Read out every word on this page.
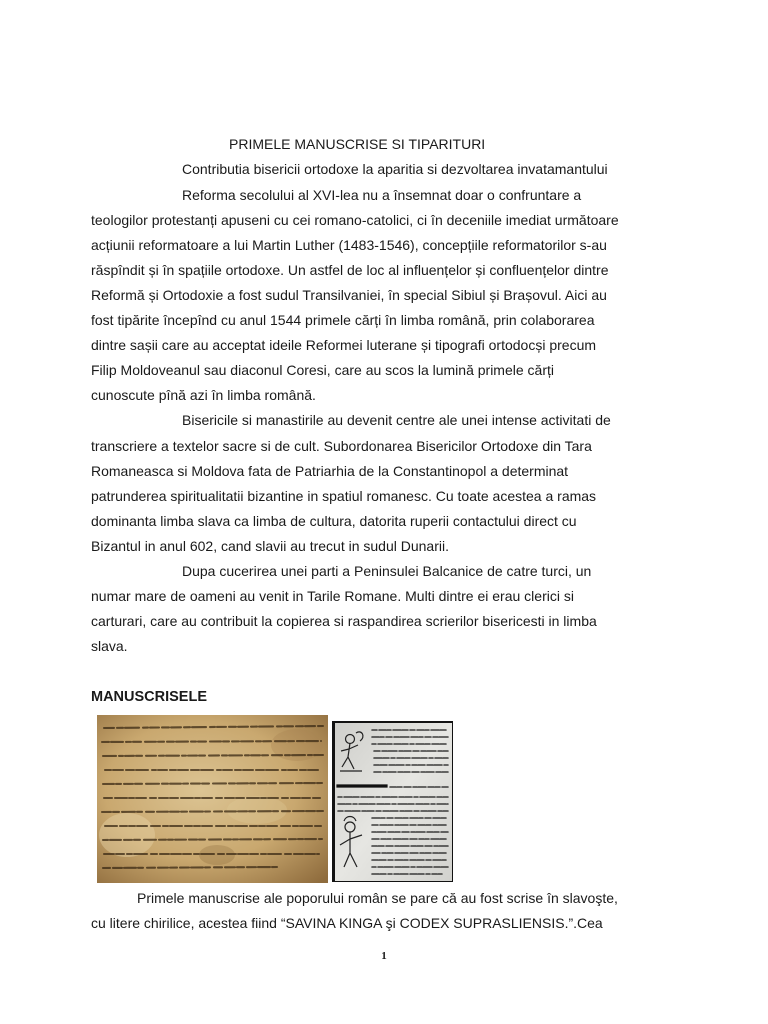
PRIMELE MANUSCRISE SI TIPARITURI
Contributia bisericii ortodoxe la aparitia si dezvoltarea invatamantului
Reforma secolului al XVI-lea nu a însemnat doar o confruntare a
teologilor protestanți apuseni cu cei romano-catolici, ci în deceniile imediat următoare
acțiunii reformatoare a lui Martin Luther (1483-1546), concepțiile reformatorilor s-au
răspîndit și în spațiile ortodoxe. Un astfel de loc al influențelor și confluențelor dintre
Reformă și Ortodoxie a fost sudul Transilvaniei, în special Sibiul și Brașovul. Aici au
fost tipărite începînd cu anul 1544 primele cărți în limba română, prin colaborarea
dintre sașii care au acceptat ideile Reformei luterane și tipografi ortodocși precum
Filip Moldoveanul sau diaconul Coresi, care au scos la lumină primele cărți
cunoscute pînă azi în limba română.
Bisericile si manastirile au devenit centre ale unei intense activitati de
transcriere a textelor sacre si de cult. Subordonarea Bisericilor Ortodoxe din Tara
Romaneasca si Moldova fata de Patriarhia de la Constantinopol a determinat
patrunderea spiritualitatii bizantine in spatiul romanesc. Cu toate acestea a ramas
dominanta limba slava ca limba de cultura, datorita ruperii contactului direct cu
Bizantul in anul 602, cand slavii au trecut in sudul Dunarii.
Dupa cucerirea unei parti a Peninsulei Balcanice de catre turci, un
numar mare de oameni au venit in Tarile Romane. Multi dintre ei erau clerici si
carturari, care au contribuit la copierea si raspandirea scrierilor bisericesti in limba
slava.
MANUSCRISELE
Primele manuscrise ale poporului român se pare că au fost scrise în slavoşte,
cu litere chirilice, acestea fiind “SAVINA KINGA şi CODEX SUPRASLIENSIS.”.Cea
1
